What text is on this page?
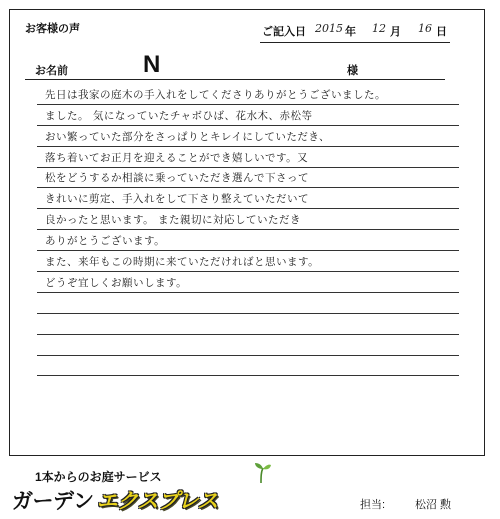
お客様の声	ご記入日 2015 年 12 月 16 日
お名前	N	様
先日は我家の庭木の手入れをしてくださりありがとうございました。
ました。 気になっていたチャボひば、花水木、赤松等
おい繁っていた部分をさっぱりとキレイにしていただき、
落ち着いてお正月を迎えることができ嬉しいです。又
松をどうするか相談に乗っていただき選んで下さって
きれいに剪定、手入れをして下さり整えていただいて
良かったと思います。 また親切に対応していただき
ありがとうございます。
また、来年もこの時期に来ていただければと思います。
どうぞ宜しくお願いします。
1本からのお庭サービス
ガーデン エクスプレス	担当:	松沼 勲
